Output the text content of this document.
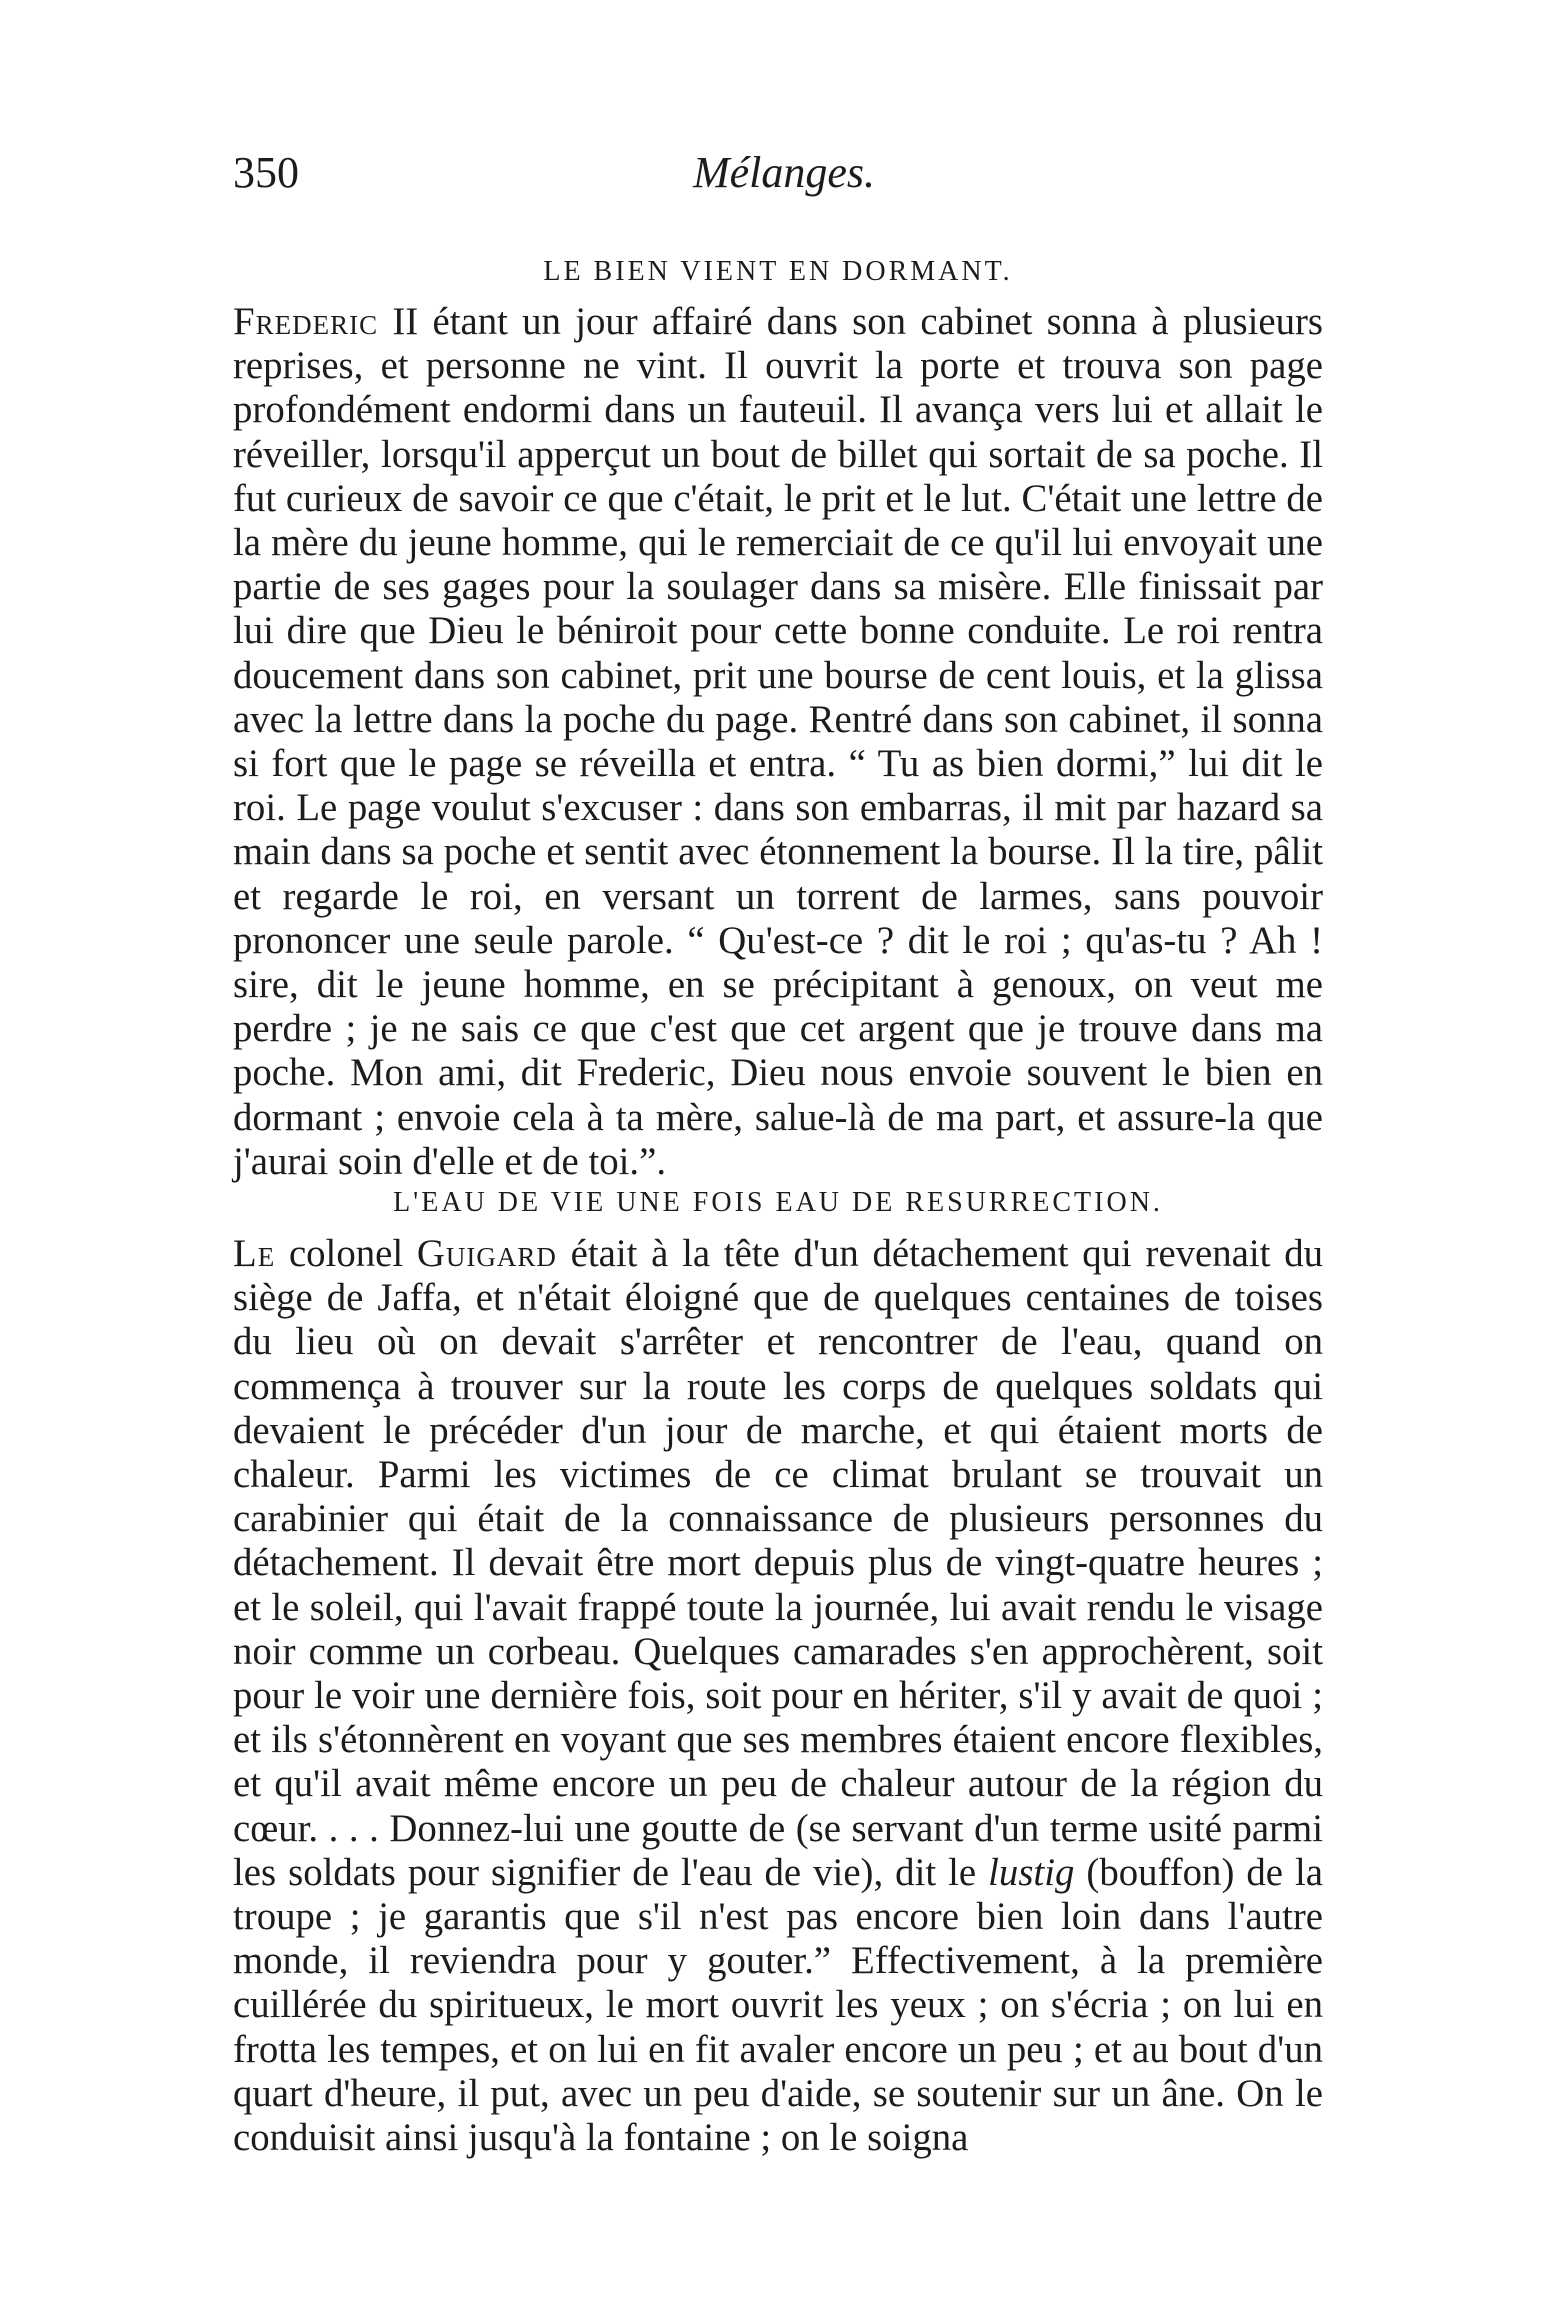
350	Mélanges.
LE BIEN VIENT EN DORMANT.

Frederic II étant un jour affairé dans son cabinet sonna à plusieurs reprises, et personne ne vint. Il ouvrit la porte et trouva son page profondément endormi dans un fauteuil. Il avança vers lui et allait le réveiller, lorsqu'il apperçut un bout de billet qui sortait de sa poche. Il fut curieux de savoir ce que c'était, le prit et le lut. C'était une lettre de la mère du jeune homme, qui le remerciait de ce qu'il lui envoyait une partie de ses gages pour la soulager dans sa misère. Elle finissait par lui dire que Dieu le béniroit pour cette bonne conduite. Le roi rentra doucement dans son cabinet, prit une bourse de cent louis, et la glissa avec la lettre dans la poche du page. Rentré dans son cabinet, il sonna si fort que le page se réveilla et entra. “ Tu as bien dormi,” lui dit le roi. Le page voulut s'excuser : dans son embarras, il mit par hazard sa main dans sa poche et sentit avec étonnement la bourse. Il la tire, pâlit et regarde le roi, en versant un torrent de larmes, sans pouvoir prononcer une seule parole. “ Qu'est-ce ? dit le roi ; qu'as-tu ? Ah ! sire, dit le jeune homme, en se précipitant à genoux, on veut me perdre ; je ne sais ce que c'est que cet argent que je trouve dans ma poche. Mon ami, dit Frederic, Dieu nous envoie souvent le bien en dormant ; envoie cela à ta mère, salue-là de ma part, et assure-la que j'aurai soin d'elle et de toi.”.

L'EAU DE VIE UNE FOIS EAU DE RESURRECTION.

Le colonel Guigard était à la tête d'un détachement qui revenait du siège de Jaffa, et n'était éloigné que de quelques centaines de toises du lieu où on devait s'arrêter et rencontrer de l'eau, quand on commença à trouver sur la route les corps de quelques soldats qui devaient le précéder d'un jour de marche, et qui étaient morts de chaleur. Parmi les victimes de ce climat brulant se trouvait un carabinier qui était de la connaissance de plusieurs personnes du détachement. Il devait être mort depuis plus de vingt-quatre heures ; et le soleil, qui l'avait frappé toute la journée, lui avait rendu le visage noir comme un corbeau. Quelques camarades s'en approchèrent, soit pour le voir une dernière fois, soit pour en hériter, s'il y avait de quoi ; et ils s'étonnèrent en voyant que ses membres étaient encore flexibles, et qu'il avait même encore un peu de chaleur autour de la région du cœur. . . . Donnez-lui une goutte de (se servant d'un terme usité parmi les soldats pour signifier de l'eau de vie), dit le lustig (bouffon) de la troupe ; je garantis que s'il n'est pas encore bien loin dans l'autre monde, il reviendra pour y gouter.” Effectivement, à la première cuillérée du spiritueux, le mort ouvrit les yeux ; on s'écria ; on lui en frotta les tempes, et on lui en fit avaler encore un peu ; et au bout d'un quart d'heure, il put, avec un peu d'aide, se soutenir sur un âne. On le conduisit ainsi jusqu'à la fontaine ; on le soigna
